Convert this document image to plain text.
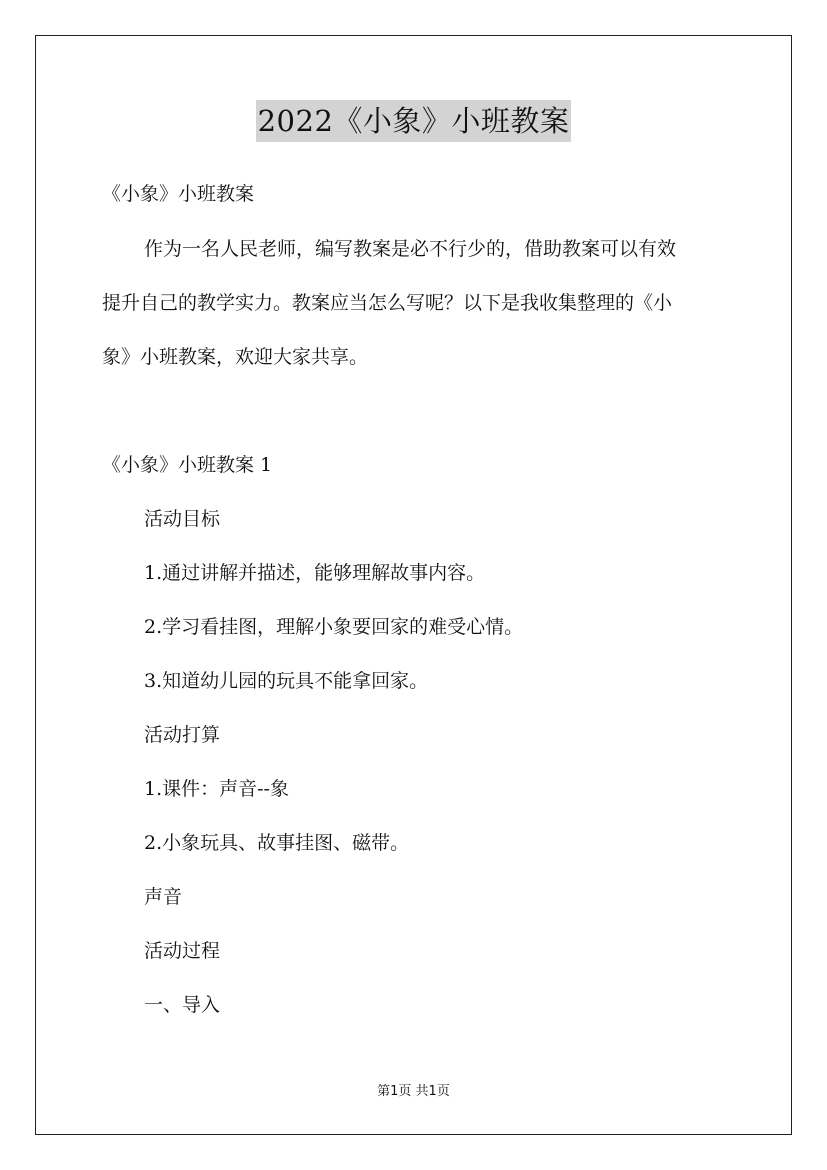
2022《小象》小班教案
《小象》小班教案
作为一名人民老师，编写教案是必不行少的，借助教案可以有效
提升自己的教学实力。教案应当怎么写呢？以下是我收集整理的《小
象》小班教案，欢迎大家共享。
《小象》小班教案 1
活动目标
1.通过讲解并描述，能够理解故事内容。
2.学习看挂图，理解小象要回家的难受心情。
3.知道幼儿园的玩具不能拿回家。
活动打算
1.课件：声音--象
2.小象玩具、故事挂图、磁带。
声音
活动过程
一、导入
第1页 共1页
